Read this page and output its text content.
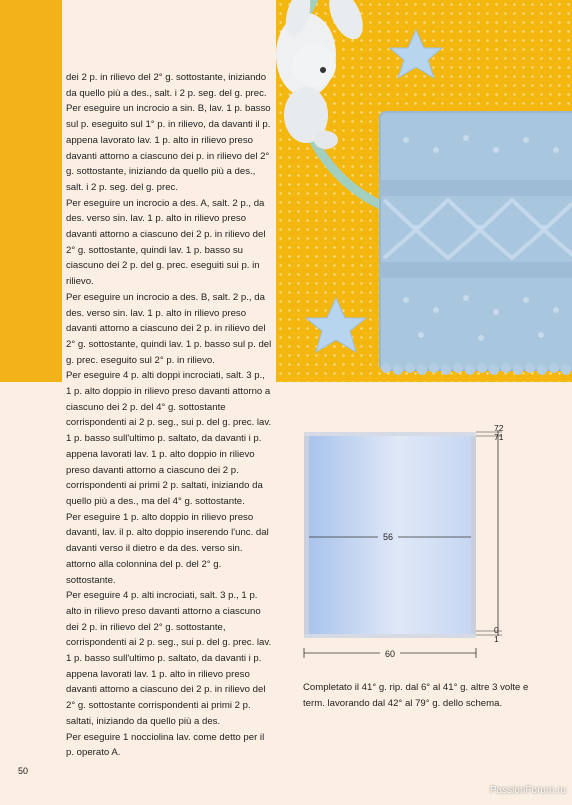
dei 2 p. in rilievo del 2° g. sottostante, iniziando da quello più a des., salt. i 2 p. seg. del g. prec.

Per eseguire un incrocio a sin. B, lav. 1 p. basso sul p. eseguito sul 1° p. in rilievo, da davanti il p. appena lavorato lav. 1 p. alto in rilievo preso davanti attorno a ciascuno dei p. in rilievo del 2° g. sottostante, iniziando da quello più a des., salt. i 2 p. seg. del g. prec.

Per eseguire un incrocio a des. A, salt. 2 p., da des. verso sin. lav. 1 p. alto in rilievo preso davanti attorno a ciascuno dei 2 p. in rilievo del 2° g. sottostante, quindi lav. 1 p. basso su ciascuno dei 2 p. del g. prec. eseguiti sui p. in rilievo.

Per eseguire un incrocio a des. B, salt. 2 p., da des. verso sin. lav. 1 p. alto in rilievo preso davanti attorno a ciascuno dei 2 p. in rilievo del 2° g. sottostante, quindi lav. 1 p. basso sul p. del g. prec. eseguito sul 2° p. in rilievo.

Per eseguire 4 p. alti doppi incrociati, salt. 3 p., 1 p. alto doppio in rilievo preso davanti attorno a ciascuno dei 2 p. del 4° g. sottostante corrispondenti ai 2 p. seg., sui p. del g. prec. lav. 1 p. basso sull'ultimo p. saltato, da davanti i p. appena lavorati lav. 1 p. alto doppio in rilievo preso davanti attorno a ciascuno dei 2 p. corrispondenti ai primi 2 p. saltati, iniziando da quello più a des., ma del 4° g. sottostante.

Per eseguire 1 p. alto doppio in rilievo preso davanti, lav. il p. alto doppio inserendo l'unc. dal davanti verso il dietro e da des. verso sin. attorno alla colonnina del p. del 2° g. sottostante.

Per eseguire 4 p. alti incrociati, salt. 3 p., 1 p. alto in rilievo preso davanti attorno a ciascuno dei 2 p. in rilievo del 2° g. sottostante, corrispondenti ai 2 p. seg., sui p. del g. prec. lav. 1 p. basso sull'ultimo p. saltato, da davanti i p. appena lavorati lav. 1 p. alto in rilievo preso davanti attorno a ciascuno dei 2 p. in rilievo del 2° g. sottostante corrispondenti ai primi 2 p. saltati, iniziando da quello più a des.

Per eseguire 1 nocciolina lav. come detto per il p. operato A.

56
60
72
71
0
1

Completato il 41° g. rip. dal 6° al 41° g. altre 3 volte e term. lavorando dal 42° al 79° g. dello schema.

50
PassionForum.ru
